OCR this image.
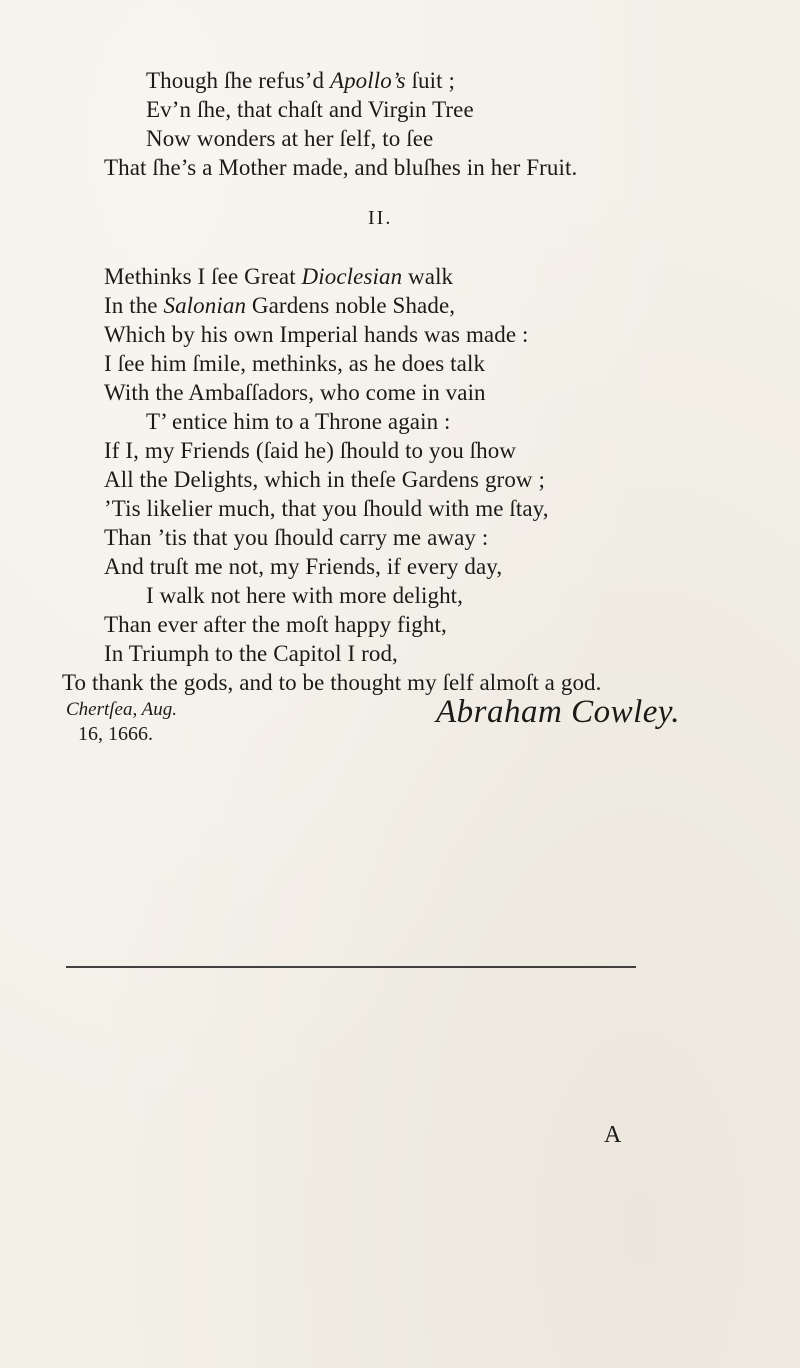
Though ſhe refus’d Apollo’s ſuit ;
Ev’n ſhe, that chaſt and Virgin Tree
Now wonders at her ſelf, to ſee
That ſhe’s a Mother made, and bluſhes in her Fruit.
II.
Methinks I ſee Great Dioclesian walk
In the Salonian Gardens noble Shade,
Which by his own Imperial hands was made :
I ſee him ſmile, methinks, as he does talk
With the Ambaſſadors, who come in vain
T’ entice him to a Throne again :
If I, my Friends (ſaid he) ſhould to you ſhow
All the Delights, which in theſe Gardens grow ;
’Tis likelier much, that you ſhould with me ſtay,
Than ’tis that you ſhould carry me away :
And truſt me not, my Friends, if every day,
I walk not here with more delight,
Than ever after the moſt happy fight,
In Triumph to the Capitol I rod,
To thank the gods, and to be thought my ſelf almoſt a god.
Chertſea, Aug.
16, 1666.
Abraham Cowley.
A
